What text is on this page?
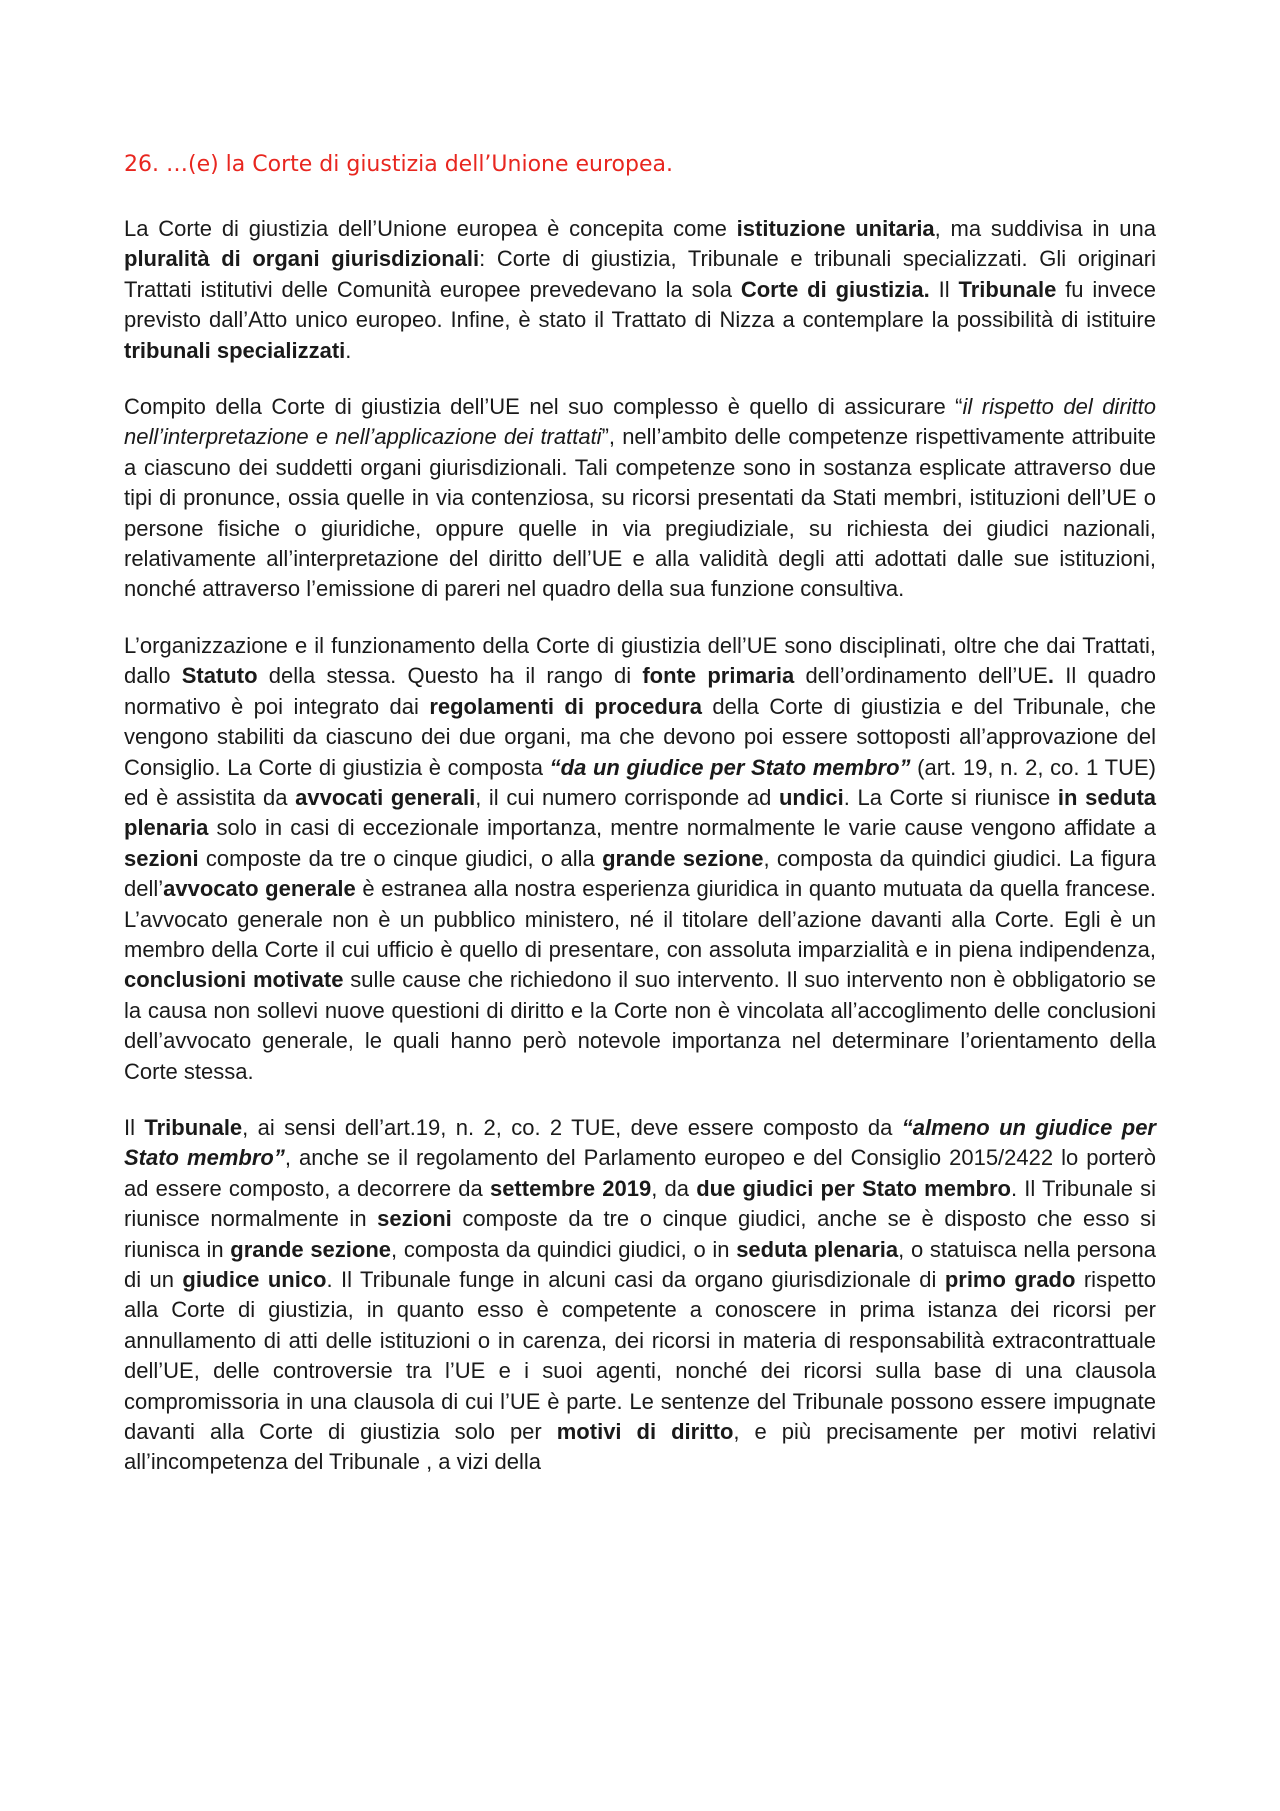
26. …(e) la Corte di giustizia dell’Unione europea.

La Corte di giustizia dell’Unione europea è concepita come istituzione unitaria, ma suddivisa in una pluralità di organi giurisdizionali: Corte di giustizia, Tribunale e tribunali specializzati. Gli originari Trattati istitutivi delle Comunità europee prevedevano la sola Corte di giustizia. Il Tribunale fu invece previsto dall’Atto unico europeo. Infine, è stato il Trattato di Nizza a contemplare la possibilità di istituire tribunali specializzati.

Compito della Corte di giustizia dell’UE nel suo complesso è quello di assicurare “il rispetto del diritto nell’interpretazione e nell’applicazione dei trattati”, nell’ambito delle competenze rispettivamente attribuite a ciascuno dei suddetti organi giurisdizionali. Tali competenze sono in sostanza esplicate attraverso due tipi di pronunce, ossia quelle in via contenziosa, su ricorsi presentati da Stati membri, istituzioni dell’UE o persone fisiche o giuridiche, oppure quelle in via pregiudiziale, su richiesta dei giudici nazionali, relativamente all’interpretazione del diritto dell’UE e alla validità degli atti adottati dalle sue istituzioni, nonché attraverso l’emissione di pareri nel quadro della sua funzione consultiva.

L’organizzazione e il funzionamento della Corte di giustizia dell’UE sono disciplinati, oltre che dai Trattati, dallo Statuto della stessa. Questo ha il rango di fonte primaria dell’ordinamento dell’UE. Il quadro normativo è poi integrato dai regolamenti di procedura della Corte di giustizia e del Tribunale, che vengono stabiliti da ciascuno dei due organi, ma che devono poi essere sottoposti all’approvazione del Consiglio. La Corte di giustizia è composta “da un giudice per Stato membro” (art. 19, n. 2, co. 1 TUE) ed è assistita da avvocati generali, il cui numero corrisponde ad undici. La Corte si riunisce in seduta plenaria solo in casi di eccezionale importanza, mentre normalmente le varie cause vengono affidate a sezioni composte da tre o cinque giudici, o alla grande sezione, composta da quindici giudici. La figura dell’avvocato generale è estranea alla nostra esperienza giuridica in quanto mutuata da quella francese. L’avvocato generale non è un pubblico ministero, né il titolare dell’azione davanti alla Corte. Egli è un membro della Corte il cui ufficio è quello di presentare, con assoluta imparzialità e in piena indipendenza, conclusioni motivate sulle cause che richiedono il suo intervento. Il suo intervento non è obbligatorio se la causa non sollevi nuove questioni di diritto e la Corte non è vincolata all’accoglimento delle conclusioni dell’avvocato generale, le quali hanno però notevole importanza nel determinare l’orientamento della Corte stessa.

Il Tribunale, ai sensi dell’art.19, n. 2, co. 2 TUE, deve essere composto da “almeno un giudice per Stato membro”, anche se il regolamento del Parlamento europeo e del Consiglio 2015/2422 lo porterò ad essere composto, a decorrere da settembre 2019, da due giudici per Stato membro. Il Tribunale si riunisce normalmente in sezioni composte da tre o cinque giudici, anche se è disposto che esso si riunisca in grande sezione, composta da quindici giudici, o in seduta plenaria, o statuisca nella persona di un giudice unico. Il Tribunale funge in alcuni casi da organo giurisdizionale di primo grado rispetto alla Corte di giustizia, in quanto esso è competente a conoscere in prima istanza dei ricorsi per annullamento di atti delle istituzioni o in carenza, dei ricorsi in materia di responsabilità extracontrattuale dell’UE, delle controversie tra l’UE e i suoi agenti, nonché dei ricorsi sulla base di una clausola compromissoria in una clausola di cui l’UE è parte. Le sentenze del Tribunale possono essere impugnate davanti alla Corte di giustizia solo per motivi di diritto, e più precisamente per motivi relativi all’incompetenza del Tribunale , a vizi della
